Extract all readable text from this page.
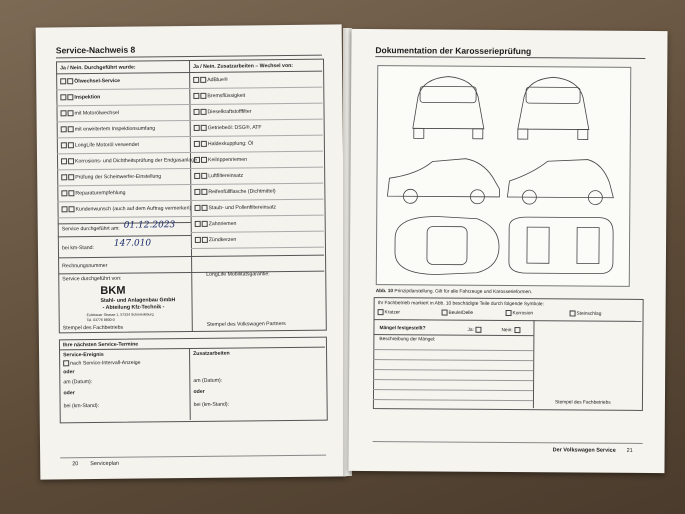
Service-Nachweis 8
Ja / Nein. Durchgeführt wurde:	Ja / Nein. Zusatzarbeiten – Wechsel von:
Service durchgeführt am: 01.12.2023
bei km-Stand: 147.010
Rechnungsnummer
Service durchgeführt von:
LongLife Mobilitätsgarantie:
BKM
Stahl- und Anlagenbau GmbH
- Abteilung Kfz-Technik -
Eulebauer Strasse 1, 57334 Schmiedeburg
Tel. 03776 8800-0
Stempel des Fachbetriebs
Stempel des Volkswagen Partners
Ihre nächsten Service-Termine
Service-Ereignis	Zusatzarbeiten
nach Service-Intervall-Anzeige
oder
am (Datum):	am (Datum):
oder	oder
bei (km-Stand):	bei (km-Stand):
20 Serviceplan
Ölwechsel-Service
Inspektion
mit Motorölwechsel
mit erweitertem Inspektionsumfang
LongLife Motoröl verwendet
Korrosions- und Dichtheitsprüfung der Endgasanlage
Prüfung der Scheinwerfer-Einstellung
Reparaturempfehlung
Kundenwunsch (auch auf dem Auftrag vermerken)
AdBlue®
Bremsflüssigkeit
Dieselkraftstofffilter
Getriebeöl: DSG®, ATF
Haldexkupplung: Öl
Keilrippenriemen
Luftfiltereinsatz
Reifenfüllflasche (Dichtmittel)
Staub- und Pollenfiltereinsatz
Zahnriemen
Zündkerzen
Dokumentation der Karosserieprüfung
Abb. 10 Prinzipdarstellung. Gilt für alle Fahrzeuge und Karosserieformen.
Ihr Fachbetrieb markiert in Abb. 10 beschädigte Teile durch folgende Symbole:
Mängel festgestellt?	Ja:	Nein:
Beschreibung der Mängel:
Stempel des Fachbetriebs
Der Volkswagen Service 21
Kratzer	Beule/Delle	Korrosion	Steinschlag
